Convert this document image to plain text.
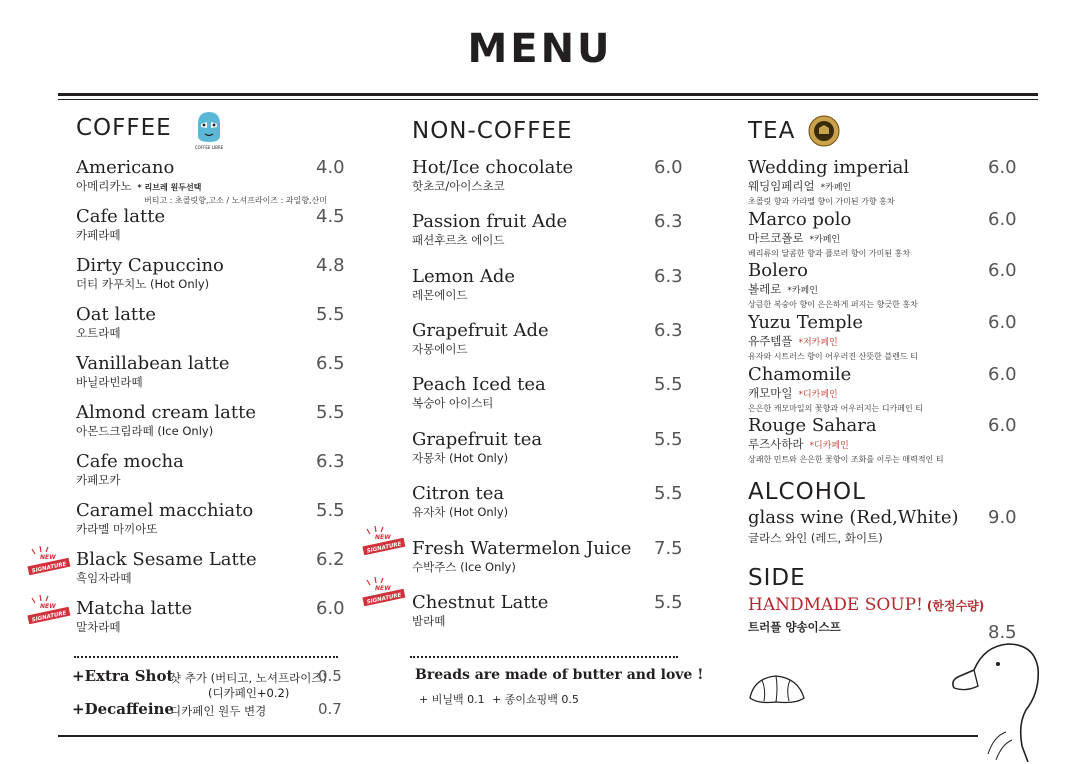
MENU
COFFEE
COFFEE LIBRE
Americano
아메리카노 * 리브레 원두선택
버티고 : 초콜릿향,고소 / 노셔프라이즈 : 과일향,산미
4.0
Cafe latte
카페라떼
4.5
Dirty Capuccino
더티 카푸치노 (Hot Only)
4.8
Oat latte
오트라떼
5.5
Vanillabean latte
바닐라빈라떼
6.5
Almond cream latte
아몬드크림라떼 (Ice Only)
5.5
Cafe mocha
카페모카
6.3
Caramel macchiato
카라멜 마끼아또
5.5
Black Sesame Latte
흑임자라떼
6.2
Matcha latte
말차라떼
6.0
NEW
SIGNATURE
NEW
SIGNATURE
NEW
SIGNATURE
NEW
SIGNATURE
NON-COFFEE
Hot/Ice chocolate
핫초코/아이스초코
6.0
Passion fruit Ade
패션후르츠 에이드
6.3
Lemon Ade
레몬에이드
6.3
Grapefruit Ade
자몽에이드
6.3
Peach Iced tea
복숭아 아이스티
5.5
Grapefruit tea
자몽차 (Hot Only)
5.5
Citron tea
유자차 (Hot Only)
5.5
Fresh Watermelon Juice
수박주스 (Ice Only)
7.5
Chestnut Latte
밤라떼
5.5
TEA
Wedding imperial
웨딩임페리얼 *카페인
초콜릿 향과 카라멜 향이 가미된 가향 홍차
6.0
Marco polo
마르코폴로 *카페인
베리류의 달콤한 향과 플로러 향이 가미된 홍차
6.0
Bolero
볼레로 *카페인
상큼한 복숭아 향이 은은하게 퍼지는 향긋한 홍차
6.0
Yuzu Temple
유주템플 *저카페인
유자와 시트러스 향이 어우러진 산뜻한 블렌드 티
6.0
Chamomile
캐모마일 *디카페인
은은한 캐모마일의 꽃향과 어우러지는 디카페인 티
6.0
Rouge Sahara
루즈사하라 *디카페인
상쾌한 민트와 은은한 꽃향이 조화를 이루는 매력적인 티
6.0
ALCOHOL
glass wine (Red,White)
글라스 와인 (레드, 화이트)
9.0
SIDE
HANDMADE SOUP! (한정수량)
트러플 양송이스프	8.5
+Extra Shot
샷 추가 (버티고, 노셔프라이즈)
(디카페인+0.2)
0.5
+Decaffeine
디카페인 원두 변경	0.7
Breads are made of butter and love !
+ 비닐백 0.1 + 종이쇼핑백 0.5
